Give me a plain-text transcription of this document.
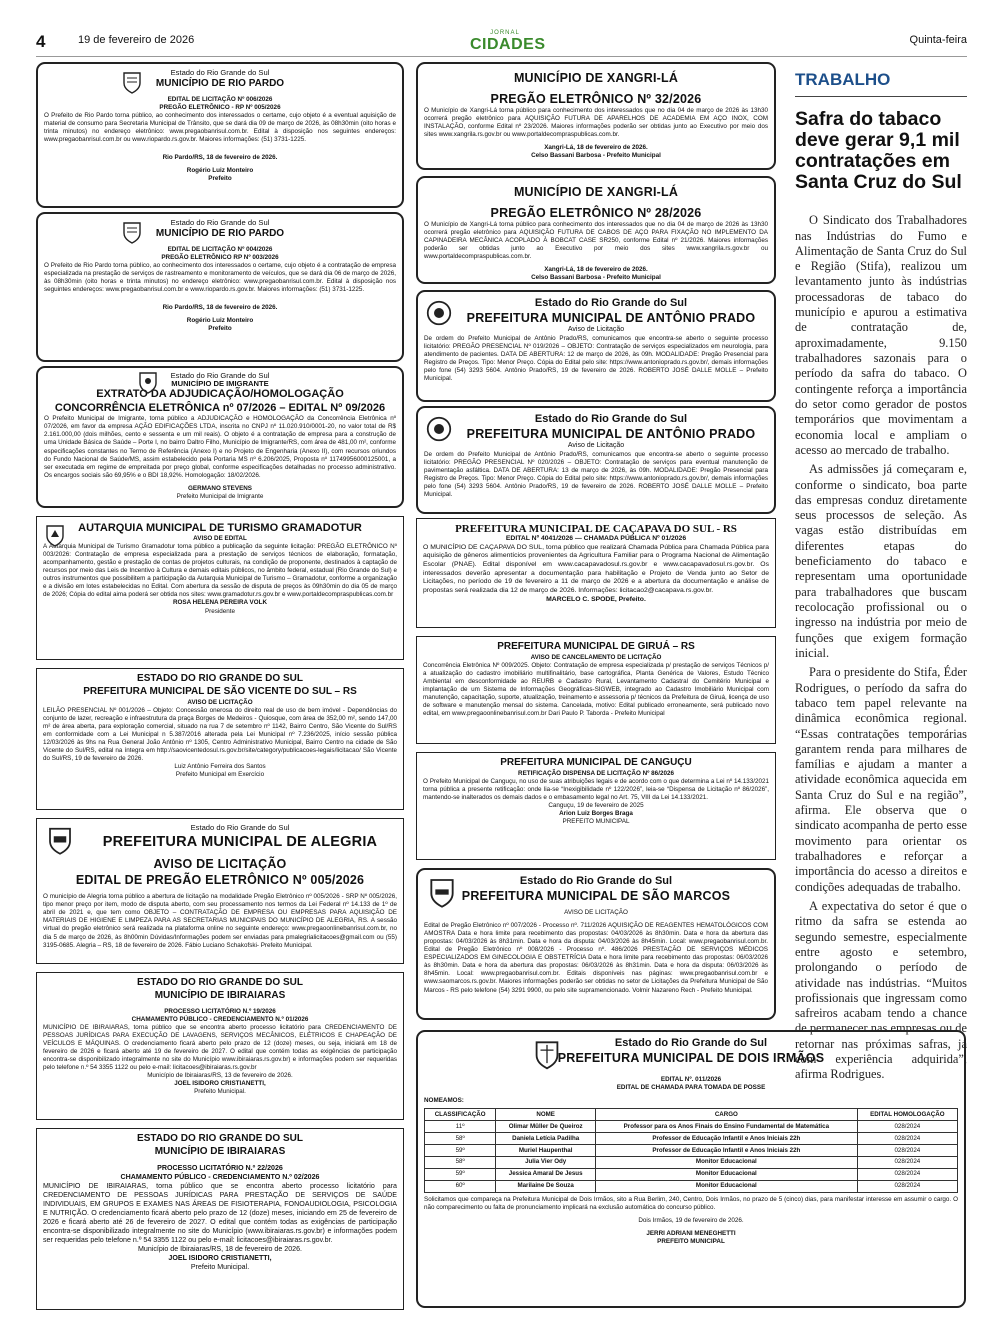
4	19 de fevereiro de 2026
JORNAL
CIDADES	Quinta-feira
Estado do Rio Grande do Sul
MUNICÍPIO DE RIO PARDO
EDITAL DE LICITAÇÃO Nº 006/2026
PREGÃO ELETRÔNICO - RP Nº 005/2026

O Prefeito de Rio Pardo torna público, ao conhecimento dos interessados o certame, cujo objeto é a eventual aquisição de material de consumo para Secretaria Municipal de Trânsito, que se dará dia 09 de março de 2026, às 08h30min (oito horas e trinta minutos) no endereço eletrônico: www.pregaobanrisul.com.br. Edital à disposição nos seguintes endereços: www.pregaobanrisul.com.br ou www.riopardo.rs.gov.br. Maiores informações: (51) 3731-1225.

Rio Pardo/RS, 18 de fevereiro de 2026.
Rogério Luiz Monteiro
Prefeito
Estado do Rio Grande do Sul
MUNICÍPIO DE RIO PARDO
EDITAL DE LICITAÇÃO Nº 004/2026
PREGÃO ELETRÔNICO RP Nº 003/2026

O Prefeito de Rio Pardo torna público, ao conhecimento dos interessados o certame, cujo objeto é a contratação de empresa especializada na prestação de serviços de rastreamento e monitoramento de veículos, que se dará dia 06 de março de 2026, às 08h30min (oito horas e trinta minutos) no endereço eletrônico: www.pregaobanrisul.com.br. Edital à disposição nos seguintes endereços: www.pregaobanrisul.com.br e www.riopardo.rs.gov.br. Maiores informações: (51) 3731-1225.

Rio Pardo/RS, 18 de fevereiro de 2026.
Rogério Luiz Monteiro
Prefeito
Estado do Rio Grande do Sul
MUNICÍPIO DE IMIGRANTE
EXTRATO DA ADJUDICAÇÃO/HOMOLOGAÇÃO
CONCORRÊNCIA ELETRÔNICA nº 07/2026 – EDITAL Nº 09/2026

O Prefeito Municipal de Imigrante, torna público a ADJUDICAÇÃO e HOMOLOGAÇÃO da Concorrência Eletrônica nº 07/2026, em favor da empresa AÇÃO EDIFICAÇÕES LTDA, inscrita no CNPJ nº 11.020.910/0001-20, no valor total de R$ 2.161.000,00 (dois milhões, cento e sessenta e um mil reais). O objeto é a contratação de empresa para a construção de uma Unidade Básica de Saúde – Porte I, no bairro Daltro Filho, Município de Imigrante/RS, com área de 481,00 m², conforme especificações constantes no Termo de Referência (Anexo I) e no Projeto de Engenharia (Anexo II), com recursos oriundos do Fundo Nacional de Saúde/MS, assim estabelecido pela Portaria MS nº 6.206/2025, Proposta nº 11749956000125001, a ser executada em regime de empreitada por preço global, conforme especificações detalhadas no processo administrativo. Os encargos sociais são 69,95% e o BDI 18,92%. Homologação: 18/02/2026.

GERMANO STEVENS
Prefeito Municipal de Imigrante
AUTARQUIA MUNICIPAL DE TURISMO GRAMADOTUR
AVISO DE EDITAL

A Autarquia Municipal de Turismo Gramadotur torna público a publicação da seguinte licitação: PREGÃO ELETRÔNICO Nº 003/2026: Contratação de empresa especializada para a prestação de serviços técnicos de elaboração, formatação, acompanhamento, gestão e prestação de contas de projetos culturais, na condição de proponente, destinados à captação de recursos por meio das Leis de Incentivo à Cultura e demais editais públicos, no âmbito federal, estadual (Rio Grande do Sul) e outros instrumentos que possibilitem a participação da Autarquia Municipal de Turismo – Gramadotur, conforme a organização e a divisão em lotes estabelecidas no Edital. Com abertura da sessão de disputa de preços às 09h30min do dia 05 de março de 2026; Cópia do edital aima poderá ser obtida nos sites: www.gramadotur.rs.gov.br e www.portaldecompraspublicas.com.br

ROSA HELENA PEREIRA VOLK
Presidente
ESTADO DO RIO GRANDE DO SUL
PREFEITURA MUNICIPAL DE SÃO VICENTE DO SUL – RS
AVISO DE LICITAÇÃO

LEILÃO PRESENCIAL Nº 001/2026 – Objeto: Concessão onerosa do direito real de uso de bem imóvel - Dependências do conjunto de lazer, recreação e infraestrutura da praça Borges de Medeiros - Quiosque, com área de 352,00 m², sendo 147,00 m² de área aberta, para exploração comercial, situado na rua 7 de setembro nº 1142, Bairro Centro, São Vicente do Sul/RS em conformidade com a Lei Municipal n 5.387/2016 alterada pela Lei Municipal nº 7.236/2025, início sessão pública 12/03/2026 às 9hs na Rua General João Antônio nº 1305, Centro Administrativo Municipal, Bairro Centro na cidade de São Vicente do Sul/RS, edital na íntegra em http://saovicentedosul.rs.gov.br/site/category/publicacoes-legais/licitacao/ São Vicente do Sul/RS, 19 de fevereiro de 2026.

Luiz Antônio Ferreira dos Santos
Prefeito Municipal em Exercício
Estado do Rio Grande do Sul
PREFEITURA MUNICIPAL DE ALEGRIA
AVISO DE LICITAÇÃO
EDITAL DE PREGÃO ELETRÔNICO Nº 005/2026

O município de Alegria torna público a abertura de licitação na modalidade Pregão Eletrônico nº 005/2026 - SRP Nº 005/2026, tipo menor preço por item, modo de disputa aberto, com seu processamento nos termos da Lei Federal nº 14.133 de 1º de abril de 2021 e, que tem como OBJETO – CONTRATAÇÃO DE EMPRESA OU EMPRESAS PARA AQUISIÇÃO DE MATERIAIS DE HIGIENE E LIMPEZA PARA AS SECRETARIAS MUNICIPAIS DO MUNICÍPIO DE ALEGRIA, RS. A sessão virtual do pregão eletrônico será realizada na plataforma online no seguinte endereço: www.pregaoonlinebanrisul.com.br, no dia 5 de março de 2026, às 8h00min Dúvidas/Informações podem ser enviadas para pmalegrialicitacoes@gmail.com ou (55) 3195-0685. Alegria – RS, 18 de fevereiro de 2026. Fábio Luciano Schakofski- Prefeito Municipal.

ESTADO DO RIO GRANDE DO SUL
MUNICÍPIO DE IBIRAIARAS
PROCESSO LICITATÓRIO N.º 19/2026
CHAMAMENTO PÚBLICO - CREDENCIAMENTO N.º 01/2026

MUNICÍPIO DE IBIRAIARAS, torna público que se encontra aberto processo licitatório para CREDENCIAMENTO DE PESSOAS JURÍDICAS PARA EXECUÇÃO DE LAVAGENS, SERVIÇOS MECÂNICOS, ELÉTRICOS E CHAPEAÇÃO DE VEÍCULOS E MÁQUINAS. O credenciamento ficará aberto pelo prazo de 12 (doze) meses, ou seja, iniciará em 18 de fevereiro de 2026 e ficará aberto até 19 de fevereiro de 2027. O edital que contém todas as exigências de participação encontra-se disponibilizado integralmente no site do Município www.ibiraiaras.rs.gov.br) e informações podem ser requeridas pelo telefone n.º 54 3355 1122 ou pelo e-mail: licitacoes@ibiraiaras.rs.gov.br

Município de Ibiraiaras/RS, 13 de fevereiro de 2026.
JOEL ISIDORO CRISTIANETTI,
Prefeito Municipal.
ESTADO DO RIO GRANDE DO SUL
MUNICÍPIO DE IBIRAIARAS
PROCESSO LICITATÓRIO N.º 22/2026
CHAMAMENTO PÚBLICO - CREDENCIAMENTO N.º 02/2026

MUNICÍPIO DE IBIRAIARAS, torna público que se encontra aberto processo licitatório para CREDENCIAMENTO DE PESSOAS JURÍDICAS PARA PRESTAÇÃO DE SERVIÇOS DE SAÚDE INDIVIDUAIS, EM GRUPOS E EXAMES NAS ÁREAS DE FISIOTERAPIA, FONOAUDIOLOGIA, PSICOLOGIA E NUTRIÇÃO. O credenciamento ficará aberto pelo prazo de 12 (doze) meses, iniciando em 25 de fevereiro de 2026 e ficará aberto até 26 de fevereiro de 2027. O edital que contém todas as exigências de participação encontra-se disponibilizado integralmente no site do Município (www.ibiraiaras.rs.gov.br) e informações podem ser requeridas pelo telefone n.º 54 3355 1122 ou pelo e-mail: licitacoes@ibiraiaras.rs.gov.br.

Município de Ibiraiaras/RS, 18 de fevereiro de 2026.
JOEL ISIDORO CRISTIANETTI,
Prefeito Municipal.
MUNICÍPIO DE XANGRI-LÁ
PREGÃO ELETRÔNICO Nº 32/2026

O Município de Xangri-Lá torna público para conhecimento dos interessados que no dia 04 de março de 2026 às 13h30 ocorrerá pregão eletrônico para AQUISIÇÃO FUTURA DE APARELHOS DE ACADEMIA EM AÇO INOX, COM INSTALAÇÃO, conforme Edital nº 23/2026. Maiores informações poderão ser obtidas junto ao Executivo por meio dos sites www.xangrila.rs.gov.br ou www.portaldecompraspublicas.com.br.

Xangri-Lá, 18 de fevereiro de 2026.
Celso Bassani Barbosa - Prefeito Municipal
MUNICÍPIO DE XANGRI-LÁ
PREGÃO ELETRÔNICO Nº 28/2026

O Município de Xangri-Lá torna público para conhecimento dos interessados que no dia 04 de março de 2026 às 13h30 ocorrerá pregão eletrônico para AQUISIÇÃO FUTURA DE CABOS DE AÇO PARA FIXAÇÃO NO IMPLEMENTO DA CAPINADEIRA MECÂNICA ACOPLADO À BOBCAT CASE SR250, conforme Edital nº 21/2026. Maiores informações poderão ser obtidas junto ao Executivo por meio dos sites www.xangrila.rs.gov.br ou www.portaldecompraspublicas.com.br.

Xangri-Lá, 18 de fevereiro de 2026.
Celso Bassani Barbosa - Prefeito Municipal
Estado do Rio Grande do Sul
PREFEITURA MUNICIPAL DE ANTÔNIO PRADO
Aviso de Licitação

De ordem do Prefeito Municipal de Antônio Prado/RS, comunicamos que encontra-se aberto o seguinte processo licitatório: PREGÃO PRESENCIAL Nº 019/2026 – OBJETO: Contratação de serviços especializados em neurologia, para atendimento de pacientes. DATA DE ABERTURA: 12 de março de 2026, às 09h. MODALIDADE: Pregão Presencial para Registro de Preços. Tipo: Menor Preço. Cópia do Edital pelo site: https://www.antonioprado.rs.gov.br/, demais informações pelo fone (54) 3293 5604. Antônio Prado/RS, 19 de fevereiro de 2026. ROBERTO JOSÉ DALLE MOLLE – Prefeito Municipal.

Estado do Rio Grande do Sul
PREFEITURA MUNICIPAL DE ANTÔNIO PRADO
Aviso de Licitação

De ordem do Prefeito Municipal de Antônio Prado/RS, comunicamos que encontra-se aberto o seguinte processo licitatório: PREGÃO PRESENCIAL Nº 020/2026 – OBJETO: Contratação de serviços para eventual manutenção de pavimentação asfáltica. DATA DE ABERTURA: 13 de março de 2026, às 09h. MODALIDADE: Pregão Presencial para Registro de Preços. Tipo: Menor Preço. Cópia do Edital pelo site: https://www.antonioprado.rs.gov.br/, demais informações pelo fone (54) 3293 5604. Antônio Prado/RS, 19 de fevereiro de 2026. ROBERTO JOSÉ DALLE MOLLE – Prefeito Municipal.

PREFEITURA MUNICIPAL DE CAÇAPAVA DO SUL - RS
EDITAL Nº 4041/2026 — CHAMADA PÚBLICA Nº 01/2026

O MUNICÍPIO DE CAÇAPAVA DO SUL, torna público que realizará Chamada Pública para Chamada Pública para aquisição de gêneros alimentícios provenientes da Agricultura Familiar para o Programa Nacional de Alimentação Escolar (PNAE). Edital disponível em www.cacapavadosul.rs.gov.br e www.cacapavadosul.rs.gov.br. Os interessados deverão apresentar a documentação para habilitação e Projeto de Venda junto ao Setor de Licitações, no período de 19 de fevereiro a 11 de março de 2026 e a abertura da documentação e análise de propostas será realizada dia 12 de março de 2026. Informações: licitacao2@cacapava.rs.gov.br.

MARCELO C. SPODE, Prefeito.
PREFEITURA MUNICIPAL DE GIRUÁ – RS
AVISO DE CANCELAMENTO DE LICITAÇÃO

Concorrência Eletrônica Nº 009/2025. Objeto: Contratação de empresa especializada p/ prestação de serviços Técnicos p/ a atualização do cadastro imobiliário multifinalitário, base cartográfica, Planta Genérica de Valores, Estudo Técnico Ambiental em desconformidade ao REURB e Cadastro Rural, Levantamento Cadastral do Cemitério Municipal e implantação de um Sistema de Informações Geográficas-SIGWEB, integrado ao Cadastro Imobiliário Municipal com manutenção, capacitação, suporte, atualização, treinamento e assessoria p/ técnicos da Prefeitura de Giruá, licença de uso de software e manutenção mensal do sistema. Cancelada, motivo: Edital publicado erroneamente, será publicado novo edital, em www.pregaoonlinebanrisul.com.br Dari Paulo P. Taborda - Prefeito Municipal

PREFEITURA MUNICIPAL DE CANGUÇU
RETIFICAÇÃO DISPENSA DE LICITAÇÃO Nº 86/2026

O Prefeito Municipal de Canguçu, no uso de suas atribuições legais e de acordo com o que determina a Lei nº 14.133/2021 torna pública a presente retificação: onde lia-se “Inexigibilidade nº 122/2026”, leia-se “Dispensa de Licitação nº 86/2026”, mantendo-se inalterados os demais dados e o embasamento legal no Art. 75, VIII da Lei 14.133/2021.

Canguçu, 19 de fevereiro de 2025
Arion Luiz Borges Braga
PREFEITO MUNICIPAL
Estado do Rio Grande do Sul
PREFEITURA MUNICIPAL DE SÃO MARCOS
AVISO DE LICITAÇÃO

Edital de Pregão Eletrônico nº 007/2026 - Processo nº. 711/2026 AQUISIÇÃO DE REAGENTES HEMATOLÓGICOS COM AMOSTRA Data e hora limite para recebimento das propostas: 04/03/2026 às 8h30min. Data e hora da abertura das propostas: 04/03/2026 às 8h31min. Data e hora da disputa: 04/03/2026 às 8h45min. Local: www.pregaobanrisul.com.br. Edital de Pregão Eletrônico nº 008/2026 - Processo nº. 486/2026 PRESTAÇÃO DE SERVIÇOS MÉDICOS ESPECIALIZADOS EM GINECOLOGIA E OBSTETRÍCIA Data e hora limite para recebimento das propostas: 06/03/2026 às 8h30min. Data e hora da abertura das propostas: 06/03/2026 às 8h31min. Data e hora da disputa: 06/03/2026 às 8h45min. Local: www.pregaobanrisul.com.br. Editais disponíveis nas páginas: www.pregaobanrisul.com.br e www.saomarcos.rs.gov.br. Maiores informações poderão ser obtidas no setor de Licitações da Prefeitura Municipal de São Marcos - RS pelo telefone (54) 3291 9900, ou pelo site supramencionado. Volmir Nazareno Rech - Prefeito Municipal.

Estado do Rio Grande do Sul
PREFEITURA MUNICIPAL DE DOIS IRMÃOS
EDITAL Nº. 011/2026
EDITAL DE CHAMADA PARA TOMADA DE POSSE
NOMEAMOS:
CLASSIFICAÇÃO	NOME	CARGO	EDITAL HOMOLOGAÇÃO
11º	Olimar Müller De Queiroz	Professor para os Anos Finais do Ensino Fundamental de Matemática	028/2024
58º	Daniela Letícia Padilha	Professor de Educação Infantil e Anos Iniciais 22h	028/2024
59º	Muriel Haupenthal	Professor de Educação Infantil e Anos Iniciais 22h	028/2024
58º	Julia Vier Ody	Monitor Educacional	028/2024
59º	Jessica Amaral De Jesus	Monitor Educacional	028/2024
60º	Marilaine De Souza	Monitor Educacional	028/2024

Solicitamos que compareça na Prefeitura Municipal de Dois Irmãos, sito a Rua Berlim, 240, Centro, Dois Irmãos, no prazo de 5 (cinco) dias, para manifestar interesse em assumir o cargo. O não comparecimento ou falta de pronunciamento implicará na exclusão automática do concurso público.

Dois Irmãos, 19 de fevereiro de 2026.
JERRI ADRIANI MENEGHETTI
PREFEITO MUNICIPAL
TRABALHO
Safra do tabaco deve gerar 9,1 mil contratações em Santa Cruz do Sul

O Sindicato dos Trabalhadores nas Indústrias do Fumo e Alimentação de Santa Cruz do Sul e Região (Stifa), realizou um levantamento junto às indústrias processadoras de tabaco do município e apurou a estimativa de contratação de, aproximadamente, 9.150 trabalhadores sazonais para o período da safra do tabaco. O contingente reforça a importância do setor como gerador de postos temporários que movimentam a economia local e ampliam o acesso ao mercado de trabalho.

As admissões já começaram e, conforme o sindicato, boa parte das empresas conduz diretamente seus processos de seleção. As vagas estão distribuídas em diferentes etapas do beneficiamento do tabaco e representam uma oportunidade para trabalhadores que buscam recolocação profissional ou o ingresso na indústria por meio de funções que exigem formação inicial.

Para o presidente do Stifa, Éder Rodrigues, o período da safra do tabaco tem papel relevante na dinâmica econômica regional. “Essas contratações temporárias garantem renda para milhares de famílias e ajudam a manter a atividade econômica aquecida em Santa Cruz do Sul e na região”, afirma. Ele observa que o sindicato acompanha de perto esse movimento para orientar os trabalhadores e reforçar a importância do acesso a direitos e condições adequadas de trabalho.

A expectativa do setor é que o ritmo da safra se estenda ao segundo semestre, especialmente entre agosto e setembro, prolongando o período de atividade nas indústrias. “Muitos profissionais que ingressam como safreiros acabam tendo a chance de permanecer nas empresas ou de retornar nas próximas safras, já com experiência adquirida”, afirma Rodrigues.
